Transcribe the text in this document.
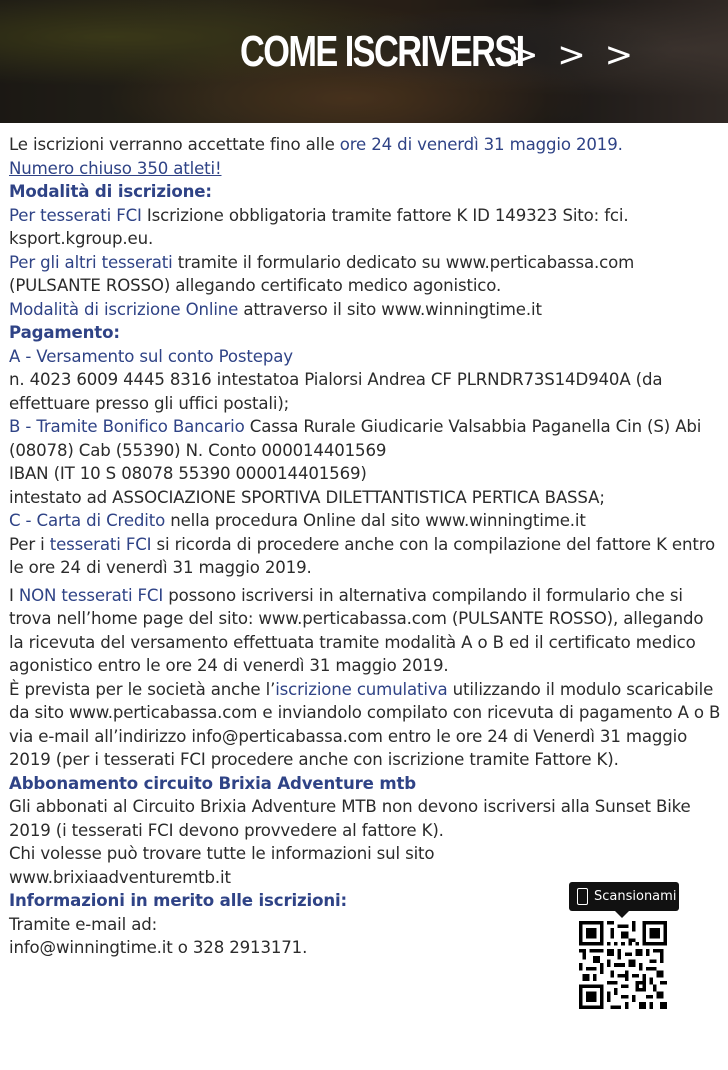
COME ISCRIVERSI
> > >

Le iscrizioni verranno accettate fino alle ore 24 di venerdì 31 maggio 2019.
Numero chiuso 350 atleti!

Modalità di iscrizione:

Per tesserati FCI Iscrizione obbligatoria tramite fattore K ID 149323 Sito: fci. ksport.kgroup.eu.

Per gli altri tesserati tramite il formulario dedicato su www.perticabassa.com (PULSANTE ROSSO) allegando certificato medico agonistico.

Modalità di iscrizione Online attraverso il sito www.winningtime.it

Pagamento:

A - Versamento sul conto Postepay

n. 4023 6009 4445 8316 intestatoa Pialorsi Andrea CF PLRNDR73S14D940A (da effettuare presso gli uffici postali);

B - Tramite Bonifico Bancario Cassa Rurale Giudicarie Valsabbia Paganella Cin (S) Abi (08078) Cab (55390) N. Conto 000014401569

IBAN (IT 10 S 08078 55390 000014401569)

intestato ad ASSOCIAZIONE SPORTIVA DILETTANTISTICA PERTICA BASSA;

C - Carta di Credito nella procedura Online dal sito www.winningtime.it

Per i tesserati FCI si ricorda di procedere anche con la compilazione del fattore K entro le ore 24 di venerdì 31 maggio 2019.

I NON tesserati FCI possono iscriversi in alternativa compilando il formulario che si trova nell’home page del sito: www.perticabassa.com (PULSANTE ROSSO), allegando la ricevuta del versamento effettuata tramite modalità A o B ed il certificato medico agonistico entro le ore 24 di venerdì 31 maggio 2019.

È prevista per le società anche l’iscrizione cumulativa utilizzando il modulo scaricabile da sito www.perticabassa.com e inviandolo compilato con ricevuta di pagamento A o B via e-mail all’indirizzo info@perticabassa.com entro le ore 24 di Venerdì 31 maggio 2019 (per i tesserati FCI procedere anche con iscrizione tramite Fattore K).

Abbonamento circuito Brixia Adventure mtb

Gli abbonati al Circuito Brixia Adventure MTB non devono iscriversi alla Sunset Bike 2019 (i tesserati FCI devono provvedere al fattore K).

Chi volesse può trovare tutte le informazioni sul sito

www.brixiaadventuremtb.it

Informazioni in merito alle iscrizioni:

Tramite e-mail ad:

info@winningtime.it o 328 2913171.

Scansionami
